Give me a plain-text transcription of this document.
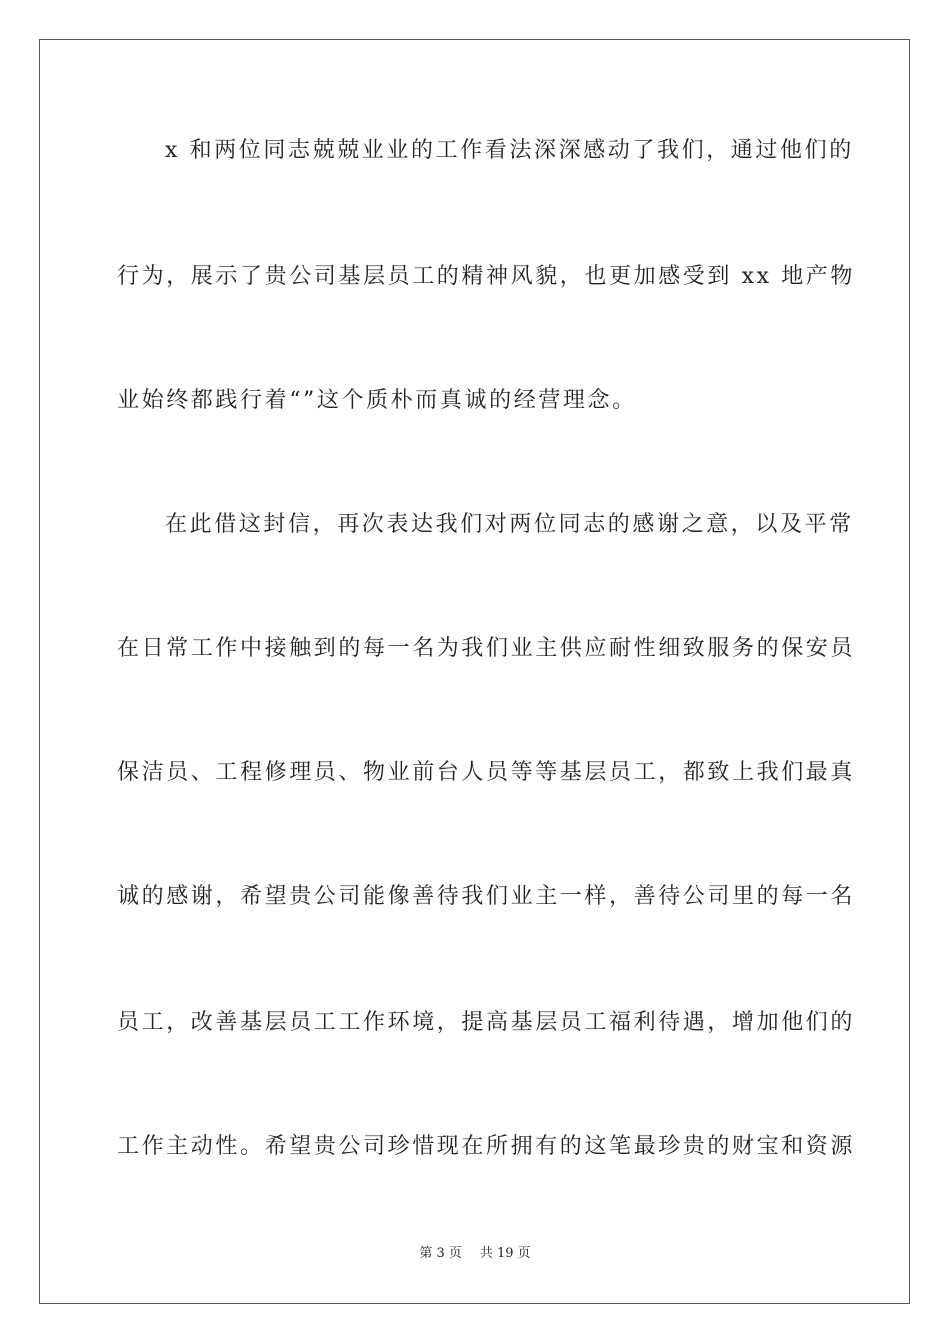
x 和两位同志兢兢业业的工作看法深深感动了我们，通过他们的
行为，展示了贵公司基层员工的精神风貌，也更加感受到 xx 地产物
业始终都践行着“”这个质朴而真诚的经营理念。
在此借这封信，再次表达我们对两位同志的感谢之意，以及平常
在日常工作中接触到的每一名为我们业主供应耐性细致服务的保安员
保洁员、工程修理员、物业前台人员等等基层员工，都致上我们最真
诚的感谢，希望贵公司能像善待我们业主一样，善待公司里的每一名
员工，改善基层员工工作环境，提高基层员工福利待遇，增加他们的
工作主动性。希望贵公司珍惜现在所拥有的这笔最珍贵的财宝和资源
第 3 页 共 19 页
